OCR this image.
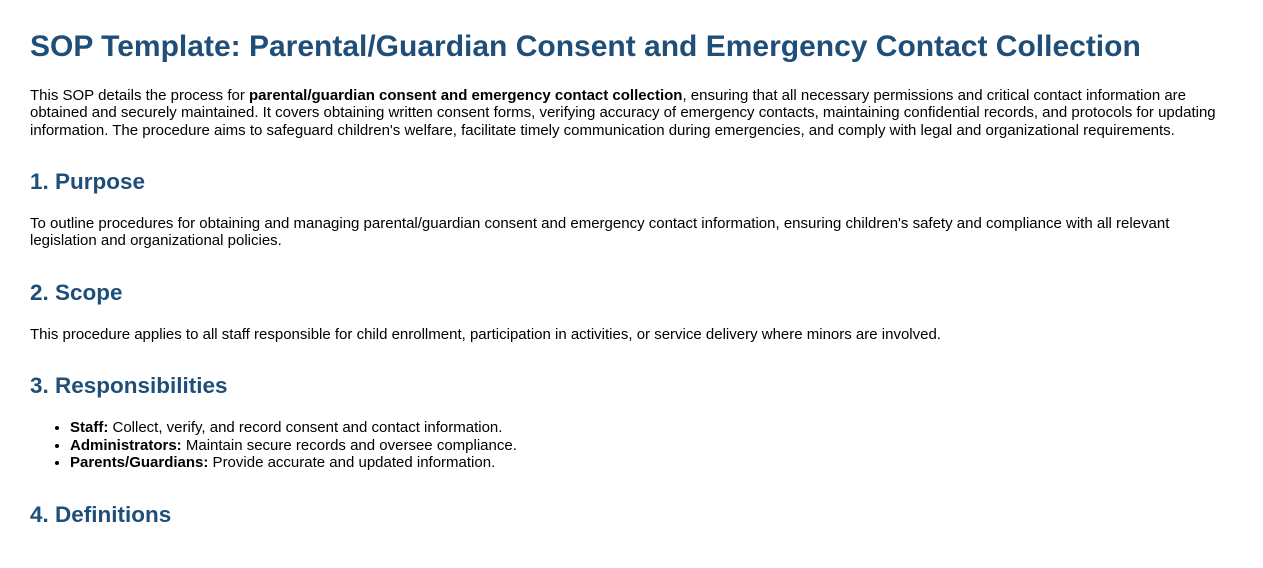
SOP Template: Parental/Guardian Consent and Emergency Contact Collection

This SOP details the process for parental/guardian consent and emergency contact collection, ensuring that all necessary permissions and critical contact information are obtained and securely maintained. It covers obtaining written consent forms, verifying accuracy of emergency contacts, maintaining confidential records, and protocols for updating information. The procedure aims to safeguard children's welfare, facilitate timely communication during emergencies, and comply with legal and organizational requirements.

1. Purpose

To outline procedures for obtaining and managing parental/guardian consent and emergency contact information, ensuring children's safety and compliance with all relevant legislation and organizational policies.

2. Scope

This procedure applies to all staff responsible for child enrollment, participation in activities, or service delivery where minors are involved.

3. Responsibilities
• Staff: Collect, verify, and record consent and contact information.
• Administrators: Maintain secure records and oversee compliance.
• Parents/Guardians: Provide accurate and updated information.
4. Definitions
